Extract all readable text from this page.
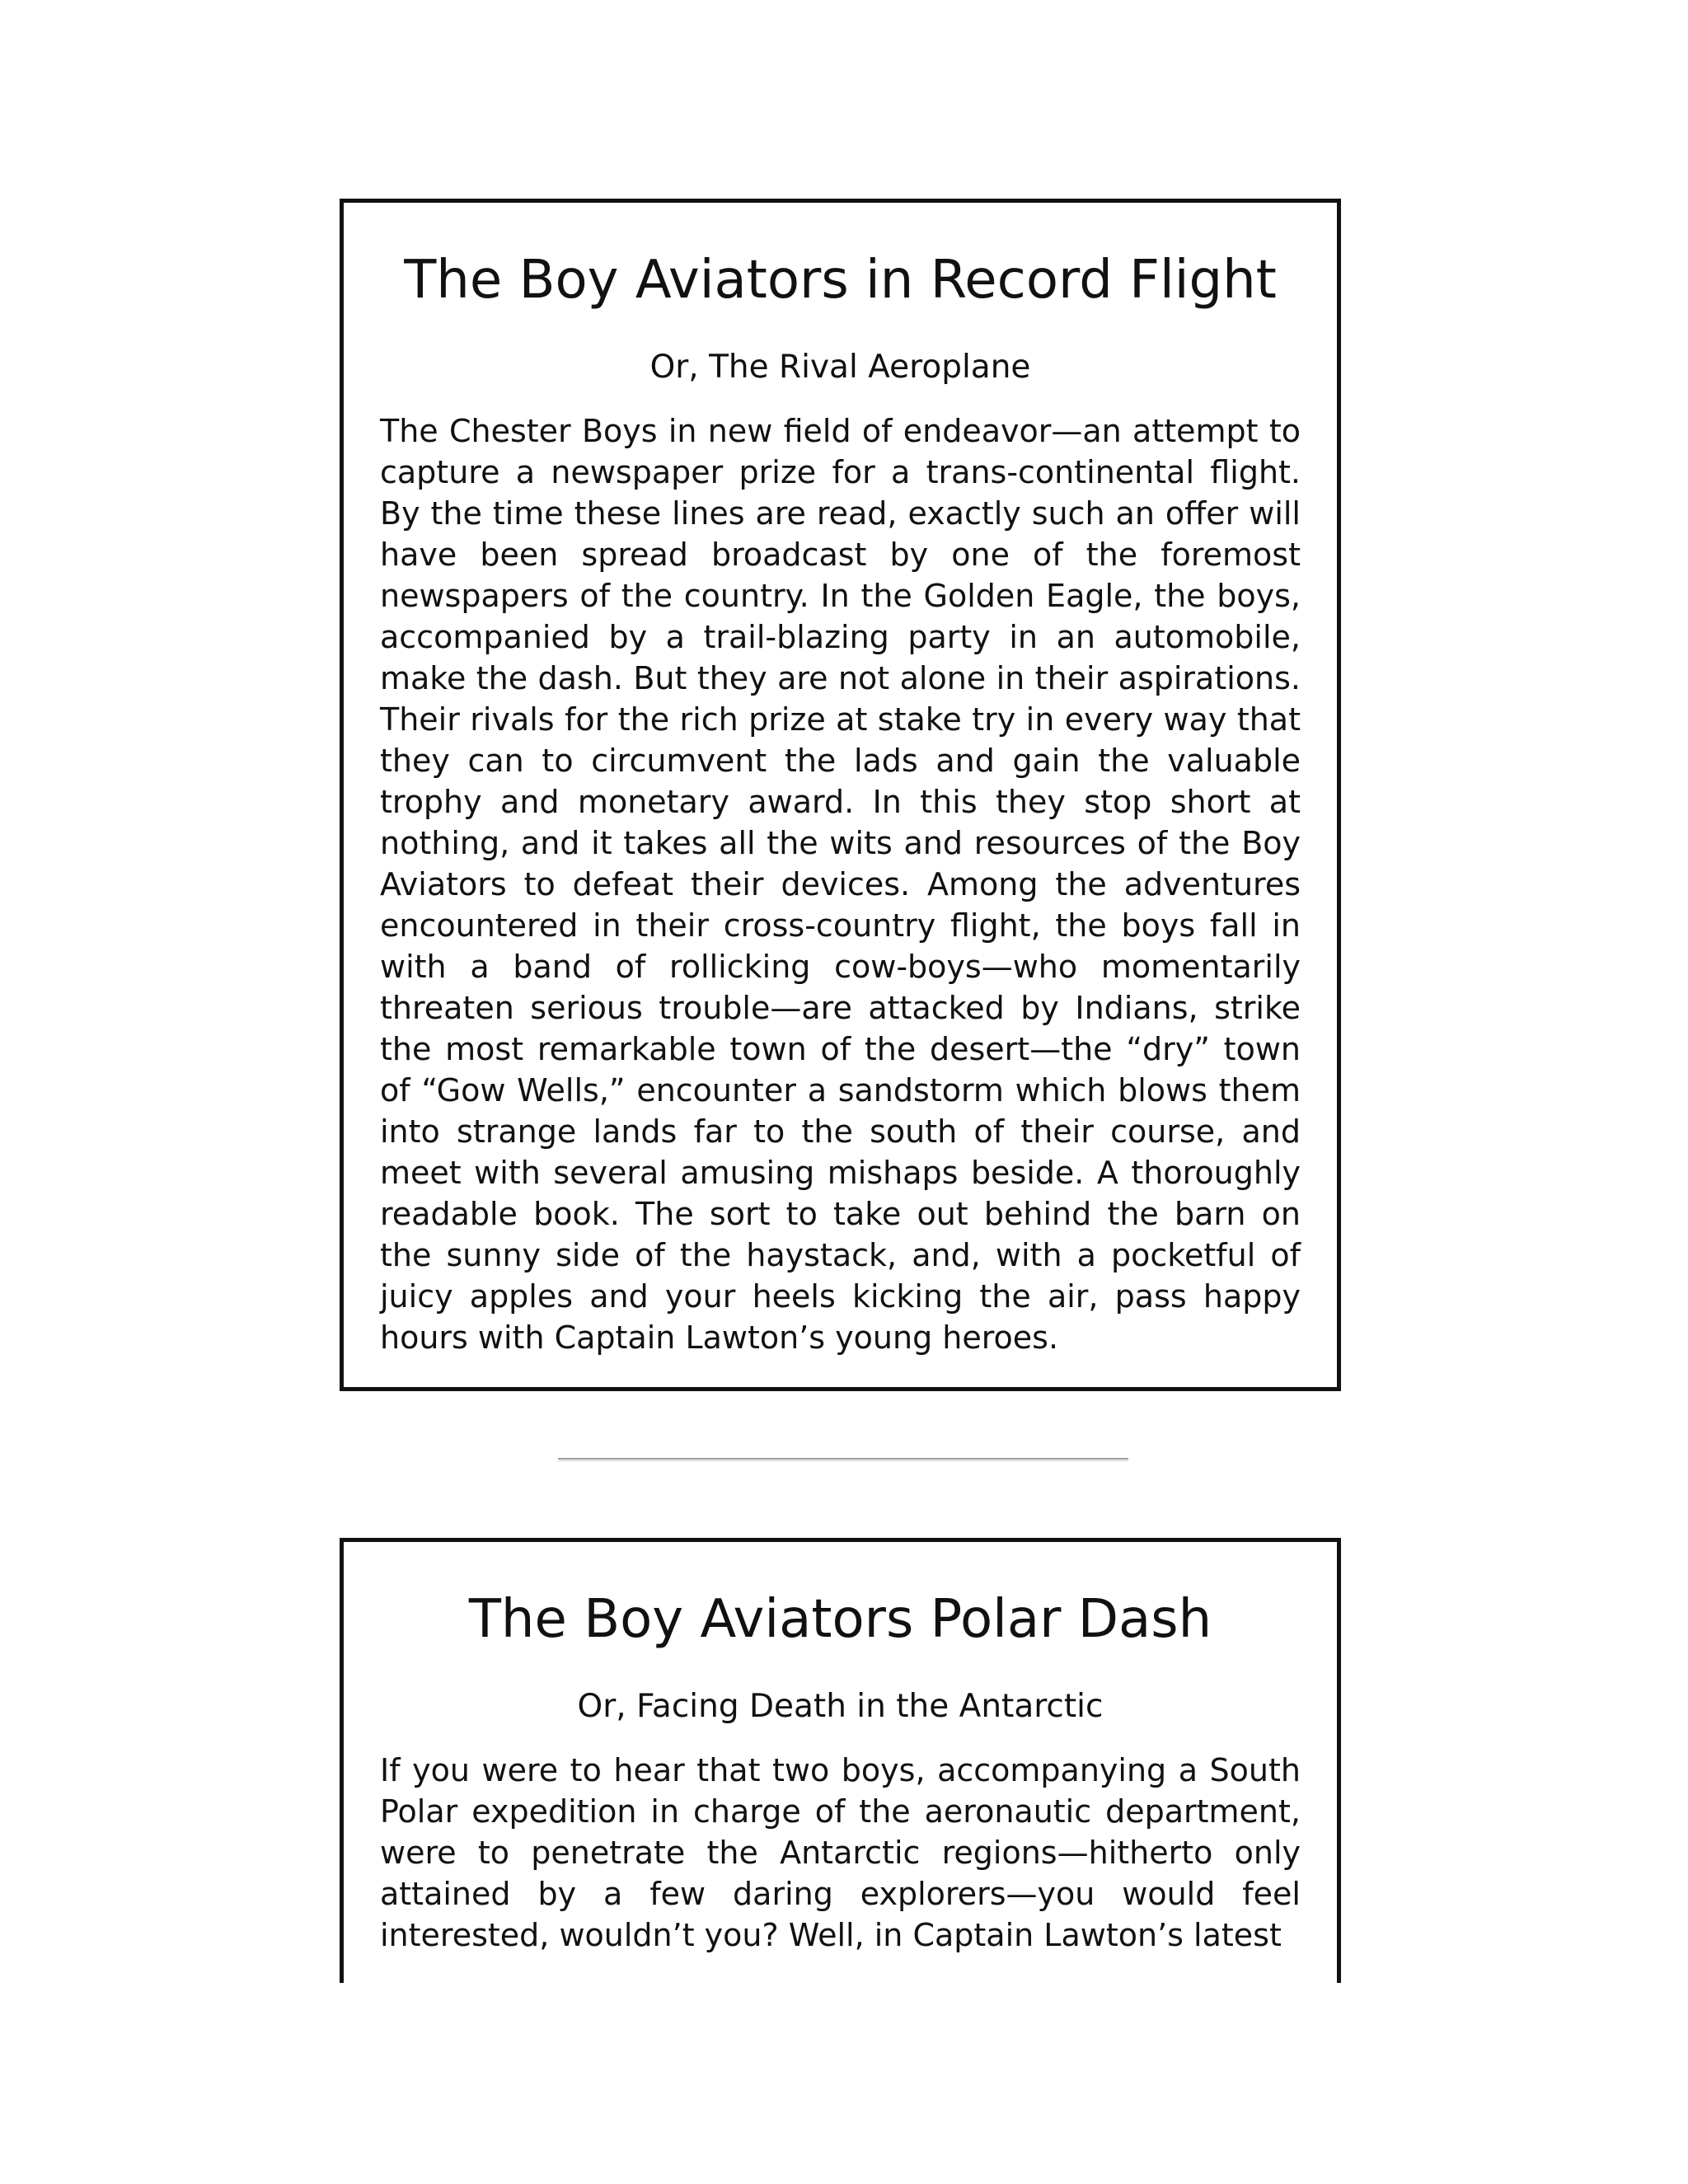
The Boy Aviators in Record Flight
Or, The Rival Aeroplane

The Chester Boys in new field of endeavor—an attempt to capture a newspaper prize for a trans-continental flight. By the time these lines are read, exactly such an offer will have been spread broadcast by one of the foremost newspapers of the country. In the Golden Eagle, the boys, accompanied by a trail-blazing party in an automobile, make the dash. But they are not alone in their aspirations. Their rivals for the rich prize at stake try in every way that they can to circumvent the lads and gain the valuable trophy and monetary award. In this they stop short at nothing, and it takes all the wits and resources of the Boy Aviators to defeat their devices. Among the adventures encountered in their cross-country flight, the boys fall in with a band of rollicking cow-boys—who momentarily threaten serious trouble—are attacked by Indians, strike the most remarkable town of the desert—the “dry” town of “Gow Wells,” encounter a sandstorm which blows them into strange lands far to the south of their course, and meet with several amusing mishaps beside. A thoroughly readable book. The sort to take out behind the barn on the sunny side of the haystack, and, with a pocketful of juicy apples and your heels kicking the air, pass happy hours with Captain Lawton’s young heroes.

The Boy Aviators Polar Dash
Or, Facing Death in the Antarctic

If you were to hear that two boys, accompanying a South Polar expedition in charge of the aeronautic department, were to penetrate the Antarctic regions—hitherto only attained by a few daring explorers—you would feel interested, wouldn’t you? Well, in Captain Lawton’s latest
